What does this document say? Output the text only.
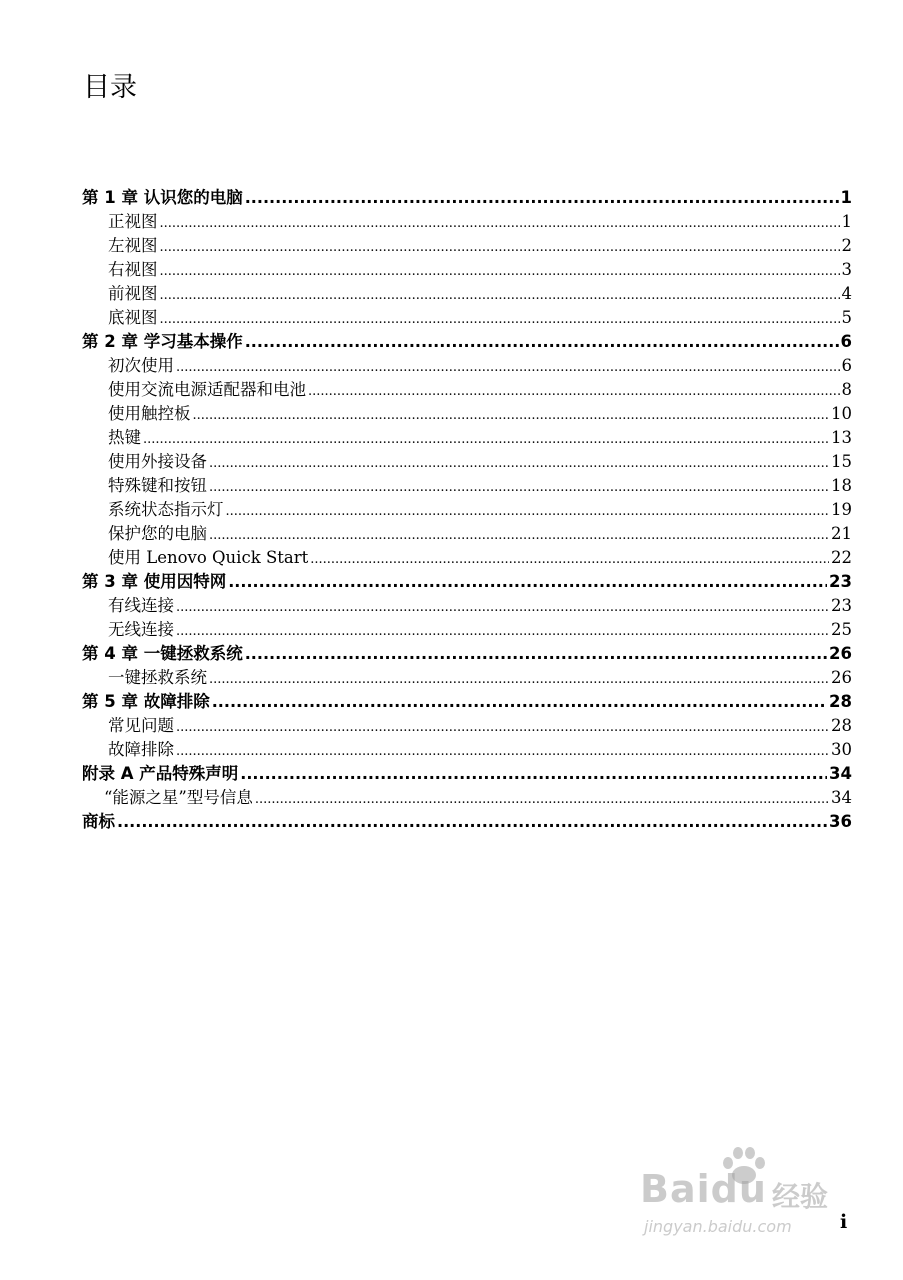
目录
第 1 章 认识您的电脑 .....	1
正视图 .....	1
左视图 .....	2
右视图 .....	3
前视图 .....	4
底视图 .....	5
第 2 章 学习基本操作 .....	6
初次使用 .....	6
使用交流电源适配器和电池 .....	8
使用触控板 .....	10
热键 .....	13
使用外接设备 .....	15
特殊键和按钮 .....	18
系统状态指示灯 .....	19
保护您的电脑 .....	21
使用 Lenovo Quick Start .....	22
第 3 章 使用因特网 .....	23
有线连接 .....	23
无线连接 .....	25
第 4 章 一键拯救系统 .....	26
一键拯救系统 .....	26
第 5 章 故障排除 .....	28
常见问题 .....	28
故障排除 .....	30
附录 A 产品特殊声明 .....	34
“能源之星”型号信息 .....	34
商标 .....	36
i
Baidu 经验
jingyan.baidu.com
